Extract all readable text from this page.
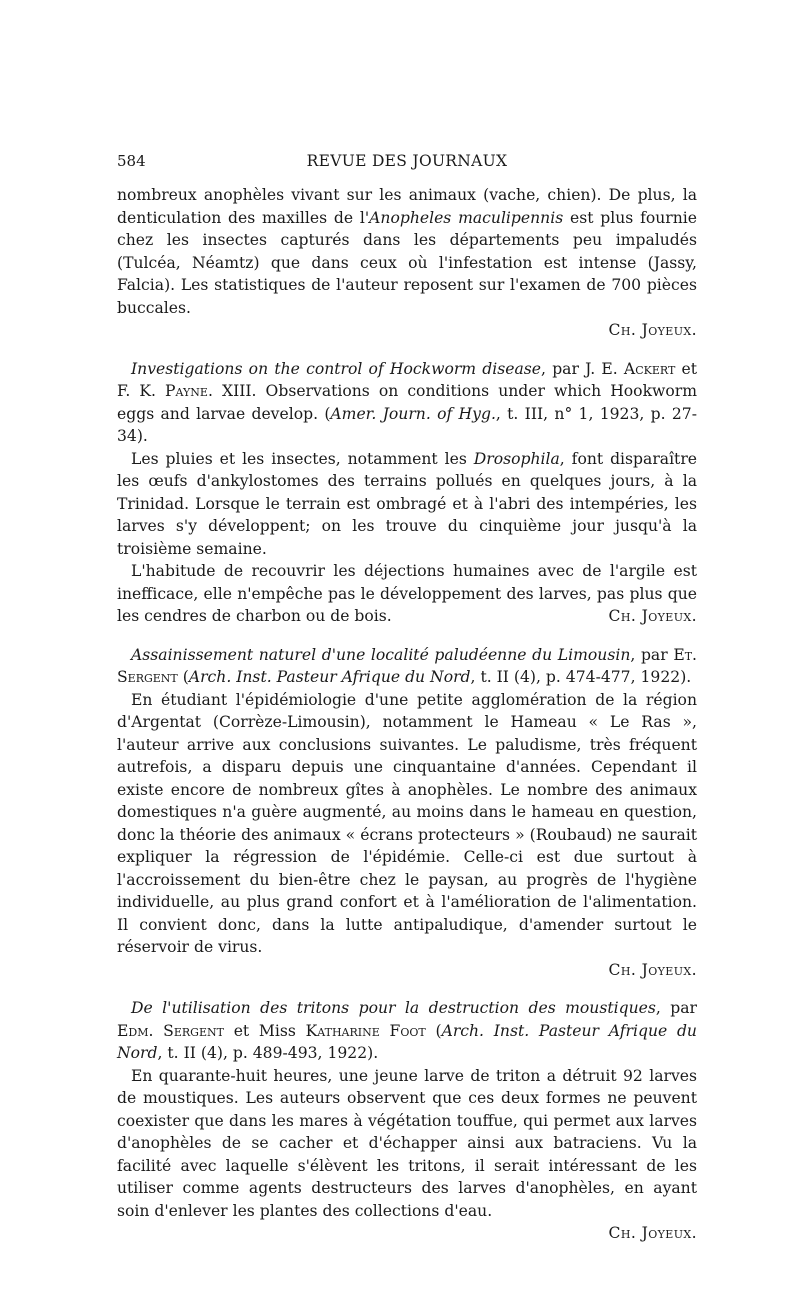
584	REVUE DES JOURNAUX

nombreux anophèles vivant sur les animaux (vache, chien). De plus, la denticulation des maxilles de l'Anopheles maculipennis est plus fournie chez les insectes capturés dans les départements peu impaludés (Tulcéa, Néamtz) que dans ceux où l'infestation est intense (Jassy, Falcia). Les statistiques de l'auteur reposent sur l'examen de 700 pièces buccales.

Ch. Joyeux.

Investigations on the control of Hockworm disease, par J. E. Ackert et F. K. Payne. XIII. Observations on conditions under which Hookworm eggs and larvae develop. (Amer. Journ. of Hyg., t. III, n° 1, 1923, p. 27-34).

Les pluies et les insectes, notamment les Drosophila, font disparaître les œufs d'ankylostomes des terrains pollués en quelques jours, à la Trinidad. Lorsque le terrain est ombragé et à l'abri des intempéries, les larves s'y développent; on les trouve du cinquième jour jusqu'à la troisième semaine.

L'habitude de recouvrir les déjections humaines avec de l'argile est inefficace, elle n'empêche pas le développement des larves, pas plus que les cendres de charbon ou de bois.	Ch. Joyeux.

Assainissement naturel d'une localité paludéenne du Limousin, par Et. Sergent (Arch. Inst. Pasteur Afrique du Nord, t. II (4), p. 474-477, 1922).

En étudiant l'épidémiologie d'une petite agglomération de la région d'Argentat (Corrèze-Limousin), notamment le Hameau « Le Ras », l'auteur arrive aux conclusions suivantes. Le paludisme, très fréquent autrefois, a disparu depuis une cinquantaine d'années. Cependant il existe encore de nombreux gîtes à anophèles. Le nombre des animaux domestiques n'a guère augmenté, au moins dans le hameau en question, donc la théorie des animaux « écrans protecteurs » (Roubaud) ne saurait expliquer la régression de l'épidémie. Celle-ci est due surtout à l'accroissement du bien-être chez le paysan, au progrès de l'hygiène individuelle, au plus grand confort et à l'amélioration de l'alimentation. Il convient donc, dans la lutte antipaludique, d'amender surtout le réservoir de virus.

Ch. Joyeux.

De l'utilisation des tritons pour la destruction des moustiques, par Edm. Sergent et Miss Katharine Foot (Arch. Inst. Pasteur Afrique du Nord, t. II (4), p. 489-493, 1922).

En quarante-huit heures, une jeune larve de triton a détruit 92 larves de moustiques. Les auteurs observent que ces deux formes ne peuvent coexister que dans les mares à végétation touffue, qui permet aux larves d'anophèles de se cacher et d'échapper ainsi aux batraciens. Vu la facilité avec laquelle s'élèvent les tritons, il serait intéressant de les utiliser comme agents destructeurs des larves d'anophèles, en ayant soin d'enlever les plantes des collections d'eau.

Ch. Joyeux.
